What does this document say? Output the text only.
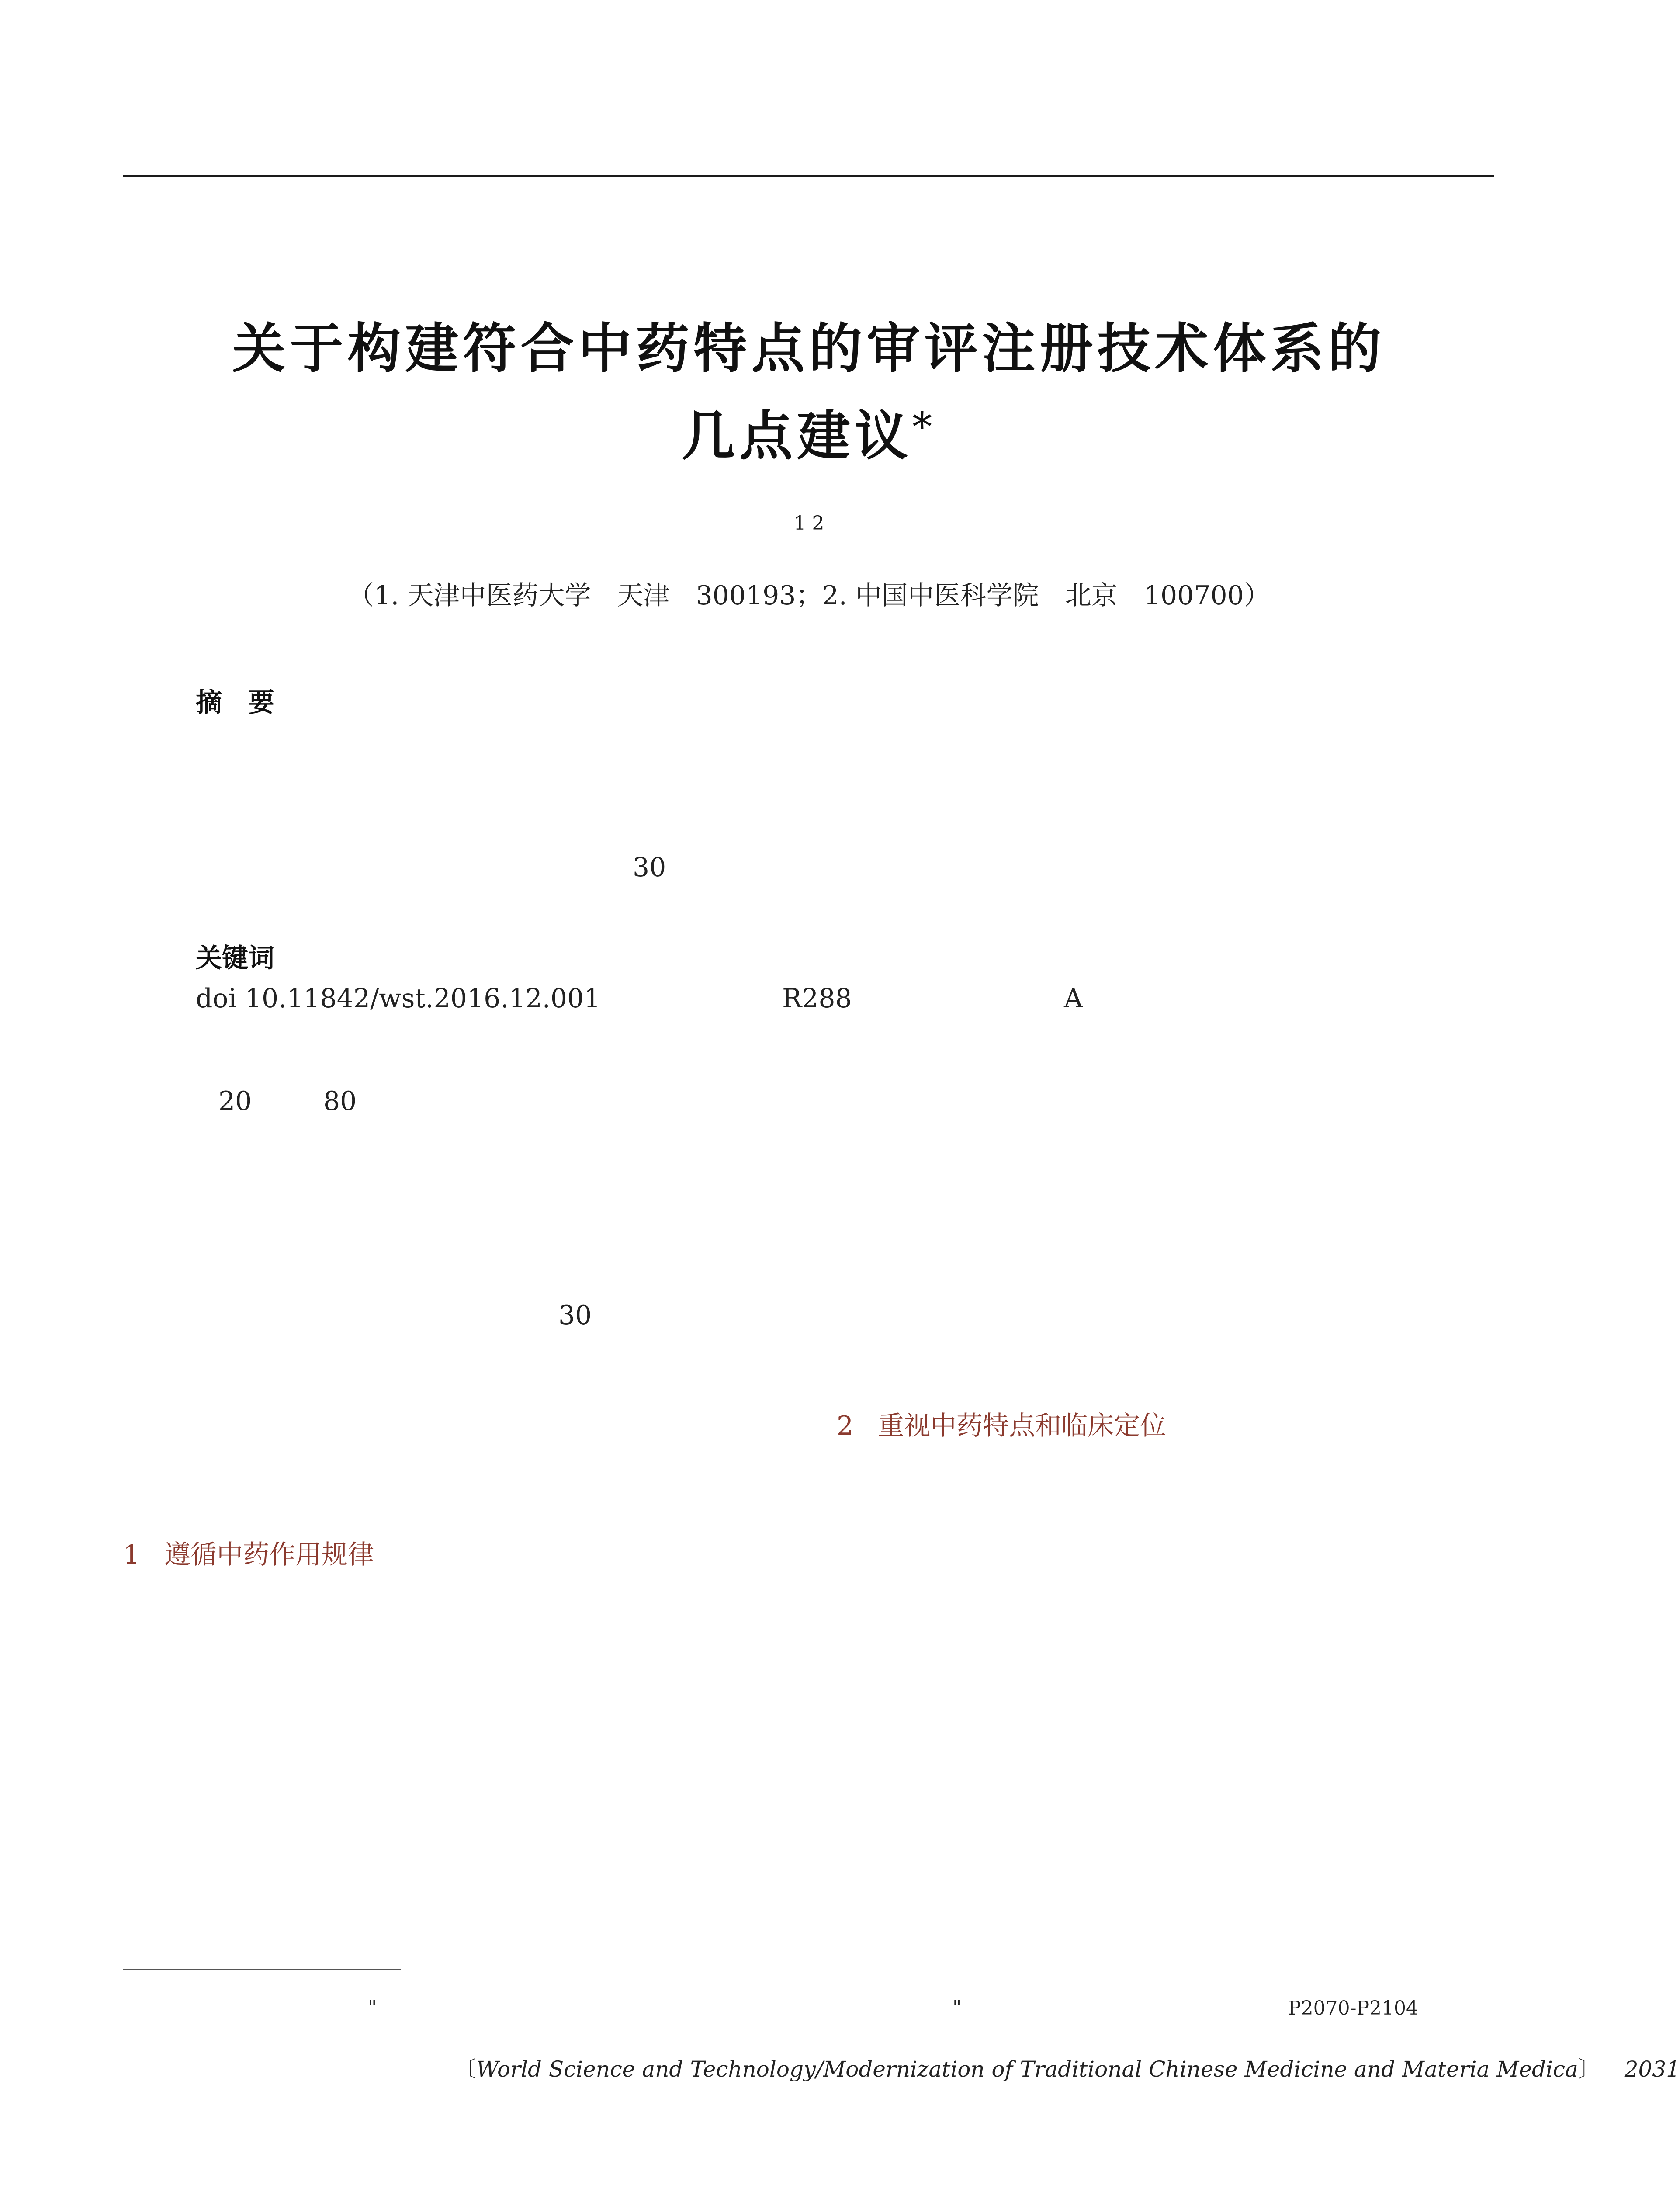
关于构建符合中药特点的审评注册技术体系的
几点建议*
1 2
（1. 天津中医药大学　天津　300193；2. 中国中医科学院　北京　100700）
摘　要
30
关键词
doi 10.11842/wst.2016.12.001	R288	A
20	80
30
2 重视中药特点和临床定位
1 遵循中药作用规律
"	"	P2070-P2104
〔World Science and Technology/Modernization of Traditional Chinese Medicine and Materia Medica〕 2031
